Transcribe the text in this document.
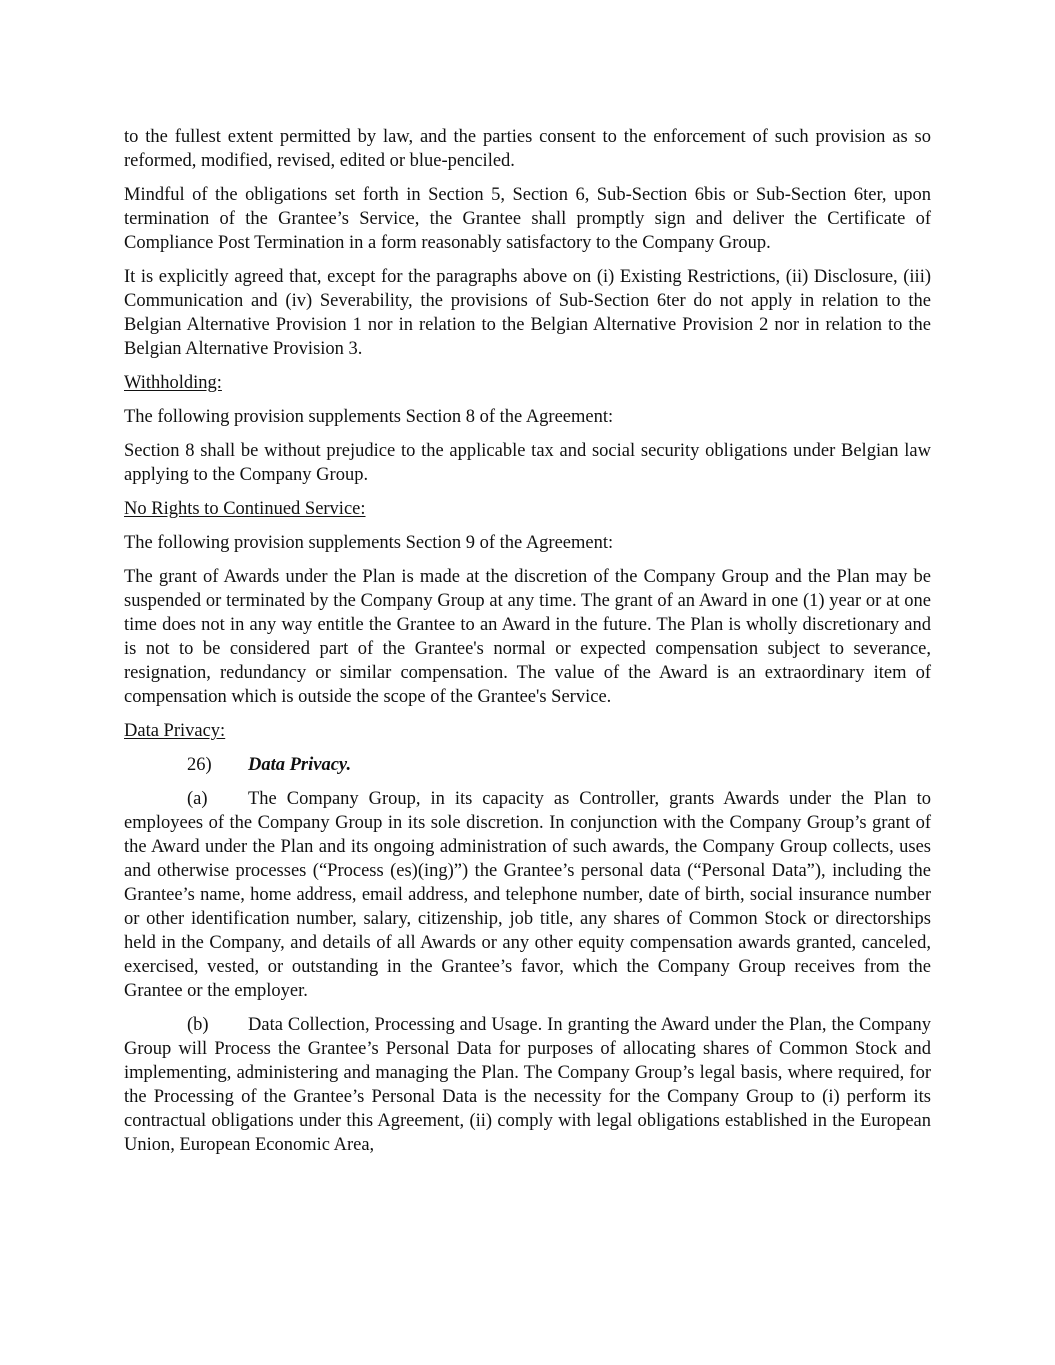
to the fullest extent permitted by law, and the parties consent to the enforcement of such provision as so reformed, modified, revised, edited or blue-penciled.

Mindful of the obligations set forth in Section 5, Section 6, Sub-Section 6bis or Sub-Section 6ter, upon termination of the Grantee’s Service, the Grantee shall promptly sign and deliver the Certificate of Compliance Post Termination in a form reasonably satisfactory to the Company Group.

It is explicitly agreed that, except for the paragraphs above on (i) Existing Restrictions, (ii) Disclosure, (iii) Communication and (iv) Severability, the provisions of Sub-Section 6ter do not apply in relation to the Belgian Alternative Provision 1 nor in relation to the Belgian Alternative Provision 2 nor in relation to the Belgian Alternative Provision 3.

Withholding:

The following provision supplements Section 8 of the Agreement:

Section 8 shall be without prejudice to the applicable tax and social security obligations under Belgian law applying to the Company Group.

No Rights to Continued Service:

The following provision supplements Section 9 of the Agreement:

The grant of Awards under the Plan is made at the discretion of the Company Group and the Plan may be suspended or terminated by the Company Group at any time. The grant of an Award in one (1) year or at one time does not in any way entitle the Grantee to an Award in the future. The Plan is wholly discretionary and is not to be considered part of the Grantee's normal or expected compensation subject to severance, resignation, redundancy or similar compensation. The value of the Award is an extraordinary item of compensation which is outside the scope of the Grantee's Service.

Data Privacy:
26) Data Privacy.

(a) The Company Group, in its capacity as Controller, grants Awards under the Plan to employees of the Company Group in its sole discretion. In conjunction with the Company Group’s grant of the Award under the Plan and its ongoing administration of such awards, the Company Group collects, uses and otherwise processes (“Process (es)(ing)”) the Grantee’s personal data (“Personal Data”), including the Grantee’s name, home address, email address, and telephone number, date of birth, social insurance number or other identification number, salary, citizenship, job title, any shares of Common Stock or directorships held in the Company, and details of all Awards or any other equity compensation awards granted, canceled, exercised, vested, or outstanding in the Grantee’s favor, which the Company Group receives from the Grantee or the employer.

(b) Data Collection, Processing and Usage. In granting the Award under the Plan, the Company Group will Process the Grantee’s Personal Data for purposes of allocating shares of Common Stock and implementing, administering and managing the Plan. The Company Group’s legal basis, where required, for the Processing of the Grantee’s Personal Data is the necessity for the Company Group to (i) perform its contractual obligations under this Agreement, (ii) comply with legal obligations established in the European Union, European Economic Area,
